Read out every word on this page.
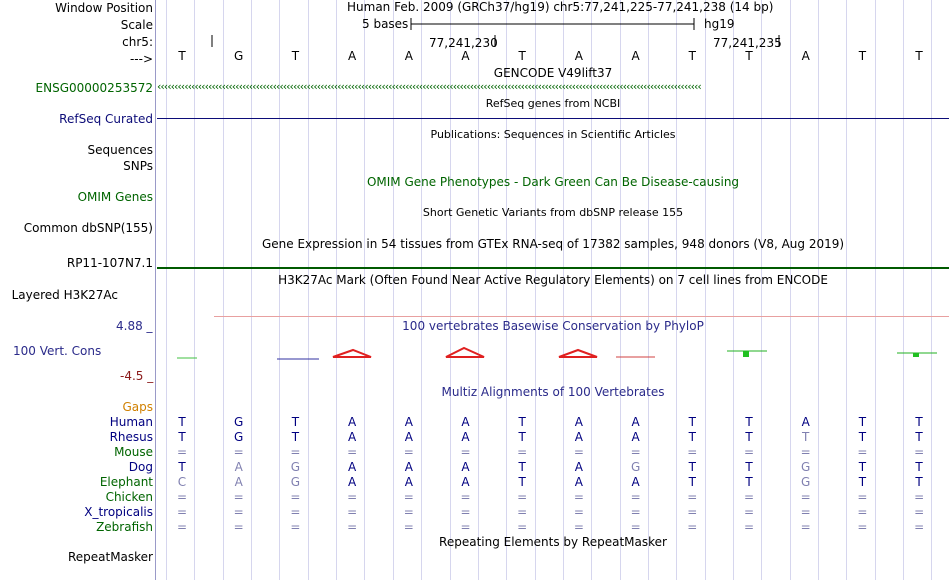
Window Position	Human Feb. 2009 (GRCh37/hg19) chr5:77,241,225-77,241,238 (14 bp)
Scale	5 bases	hg19
chr5:	77,241,230	77,241,235
--->	T	G	T	A	A	A	T	A	A	T	T	A	T	T
GENCODE V49lift37
ENSG00000253572 ‹‹‹‹‹‹‹‹‹‹‹‹‹‹‹‹‹‹‹‹‹‹‹‹‹‹‹‹‹‹‹‹‹‹‹‹‹‹‹‹‹‹‹‹‹‹‹‹‹‹‹‹‹‹‹‹‹‹‹‹‹‹‹‹‹‹‹‹‹‹‹‹‹‹‹‹‹‹‹‹‹‹‹‹‹‹‹‹‹‹‹‹‹‹‹‹‹‹‹‹‹‹‹‹‹‹‹‹‹‹‹‹‹‹‹‹‹‹‹‹‹‹‹‹‹‹‹‹‹‹‹‹‹‹‹‹‹‹‹‹‹‹‹‹‹‹‹‹‹‹‹‹‹‹‹‹‹‹‹‹
RefSeq genes from NCBI
RefSeq Curated
Publications: Sequences in Scientific Articles
Sequences
SNPs
OMIM Gene Phenotypes - Dark Green Can Be Disease-causing
OMIM Genes
Short Genetic Variants from dbSNP release 155
Common dbSNP(155)
Gene Expression in 54 tissues from GTEx RNA-seq of 17382 samples, 948 donors (V8, Aug 2019)
RP11-107N7.1
H3K27Ac Mark (Often Found Near Active Regulatory Elements) on 7 cell lines from ENCODE
Layered H3K27Ac
4.88 _	100 vertebrates Basewise Conservation by PhyloP
100 Vert. Cons
-4.5 _
Multiz Alignments of 100 Vertebrates
Gaps
Human	T	G	T	A	A	A	T	A	A	T	T	A	T	T
Rhesus	T	G	T	A	A	A	T	A	A	T	T	T	T	T
Mouse	=	=	=	=	=	=	=	=	=	=	=	=	=	=
Dog	T	A	G	A	A	A	T	A	G	T	T	G	T	T
Elephant	C	A	G	A	A	A	T	A	A	T	T	G	T	T
Chicken	=	=	=	=	=	=	=	=	=	=	=	=	=	=
X_tropicalis	=	=	=	=	=	=	=	=	=	=	=	=	=	=
Zebrafish	=	=	=	=	=	=	=	=	=	=	=	=	=	=
Repeating Elements by RepeatMasker
RepeatMasker
